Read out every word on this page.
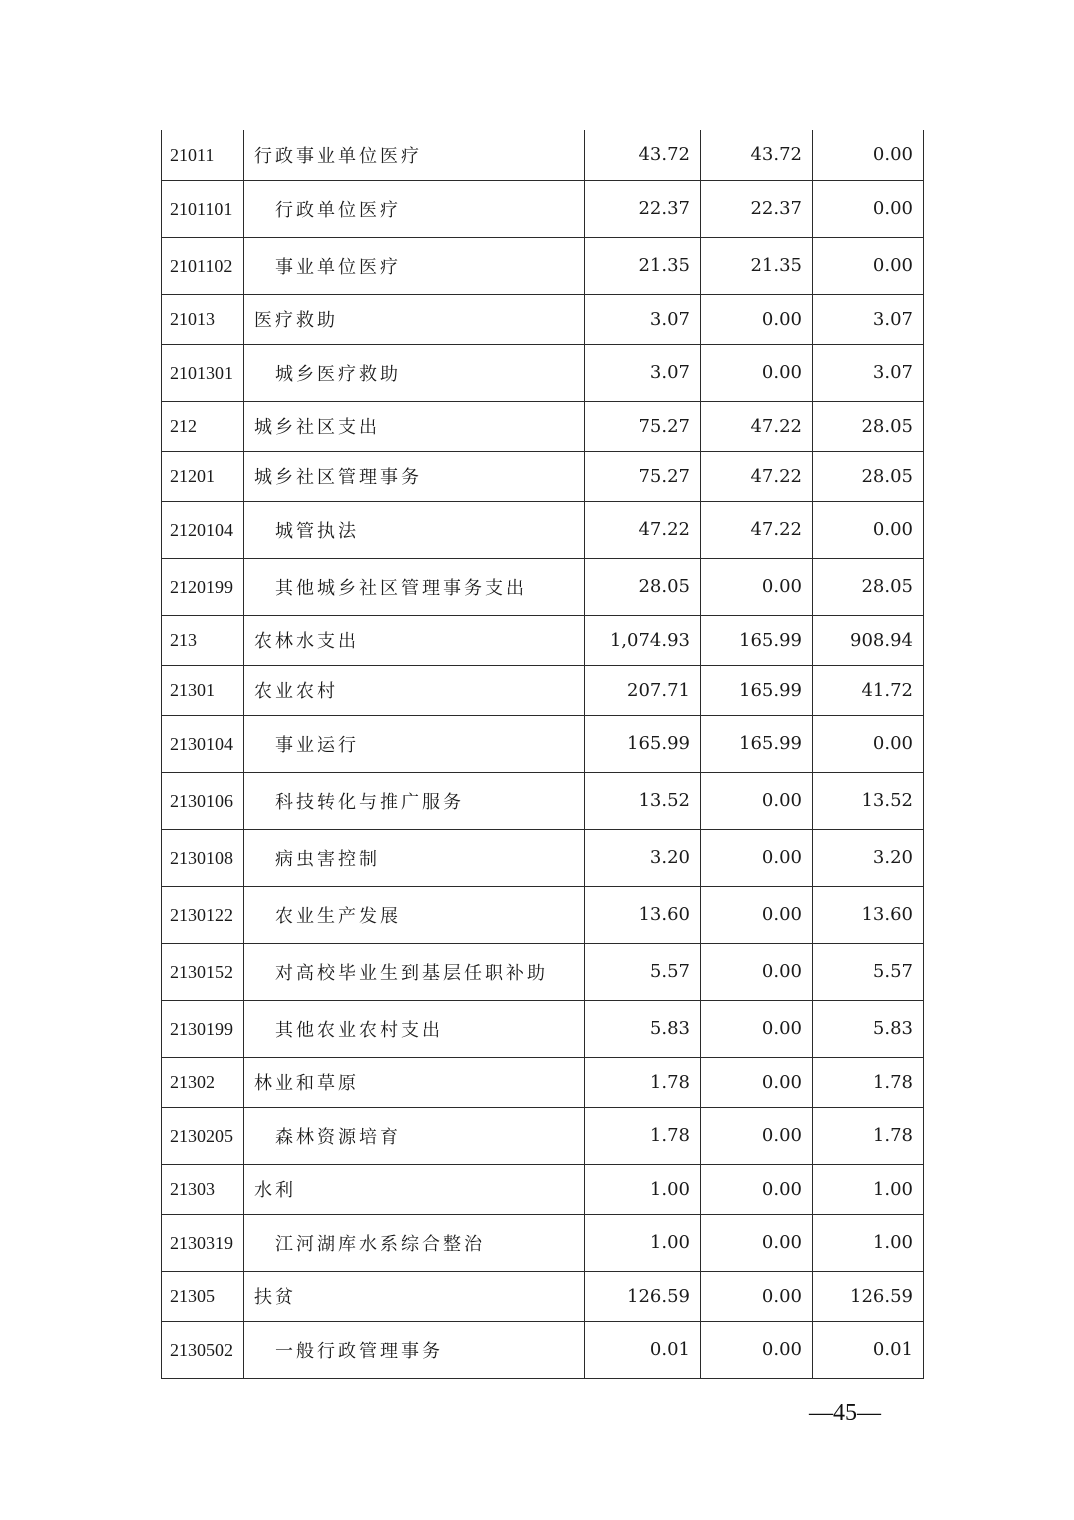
21011	行政事业单位医疗	43.72	43.72	0.00
2101101	行政单位医疗	22.37	22.37	0.00
2101102	事业单位医疗	21.35	21.35	0.00
21013	医疗救助	3.07	0.00	3.07
2101301	城乡医疗救助	3.07	0.00	3.07
212	城乡社区支出	75.27	47.22	28.05
21201	城乡社区管理事务	75.27	47.22	28.05
2120104	城管执法	47.22	47.22	0.00
2120199	其他城乡社区管理事务支出	28.05	0.00	28.05
213	农林水支出	1,074.93	165.99	908.94
21301	农业农村	207.71	165.99	41.72
2130104	事业运行	165.99	165.99	0.00
2130106	科技转化与推广服务	13.52	0.00	13.52
2130108	病虫害控制	3.20	0.00	3.20
2130122	农业生产发展	13.60	0.00	13.60
2130152	对高校毕业生到基层任职补助	5.57	0.00	5.57
2130199	其他农业农村支出	5.83	0.00	5.83
21302	林业和草原	1.78	0.00	1.78
2130205	森林资源培育	1.78	0.00	1.78
21303	水利	1.00	0.00	1.00
2130319	江河湖库水系综合整治	1.00	0.00	1.00
21305	扶贫	126.59	0.00	126.59
2130502	一般行政管理事务	0.01	0.00	0.01
—45—
